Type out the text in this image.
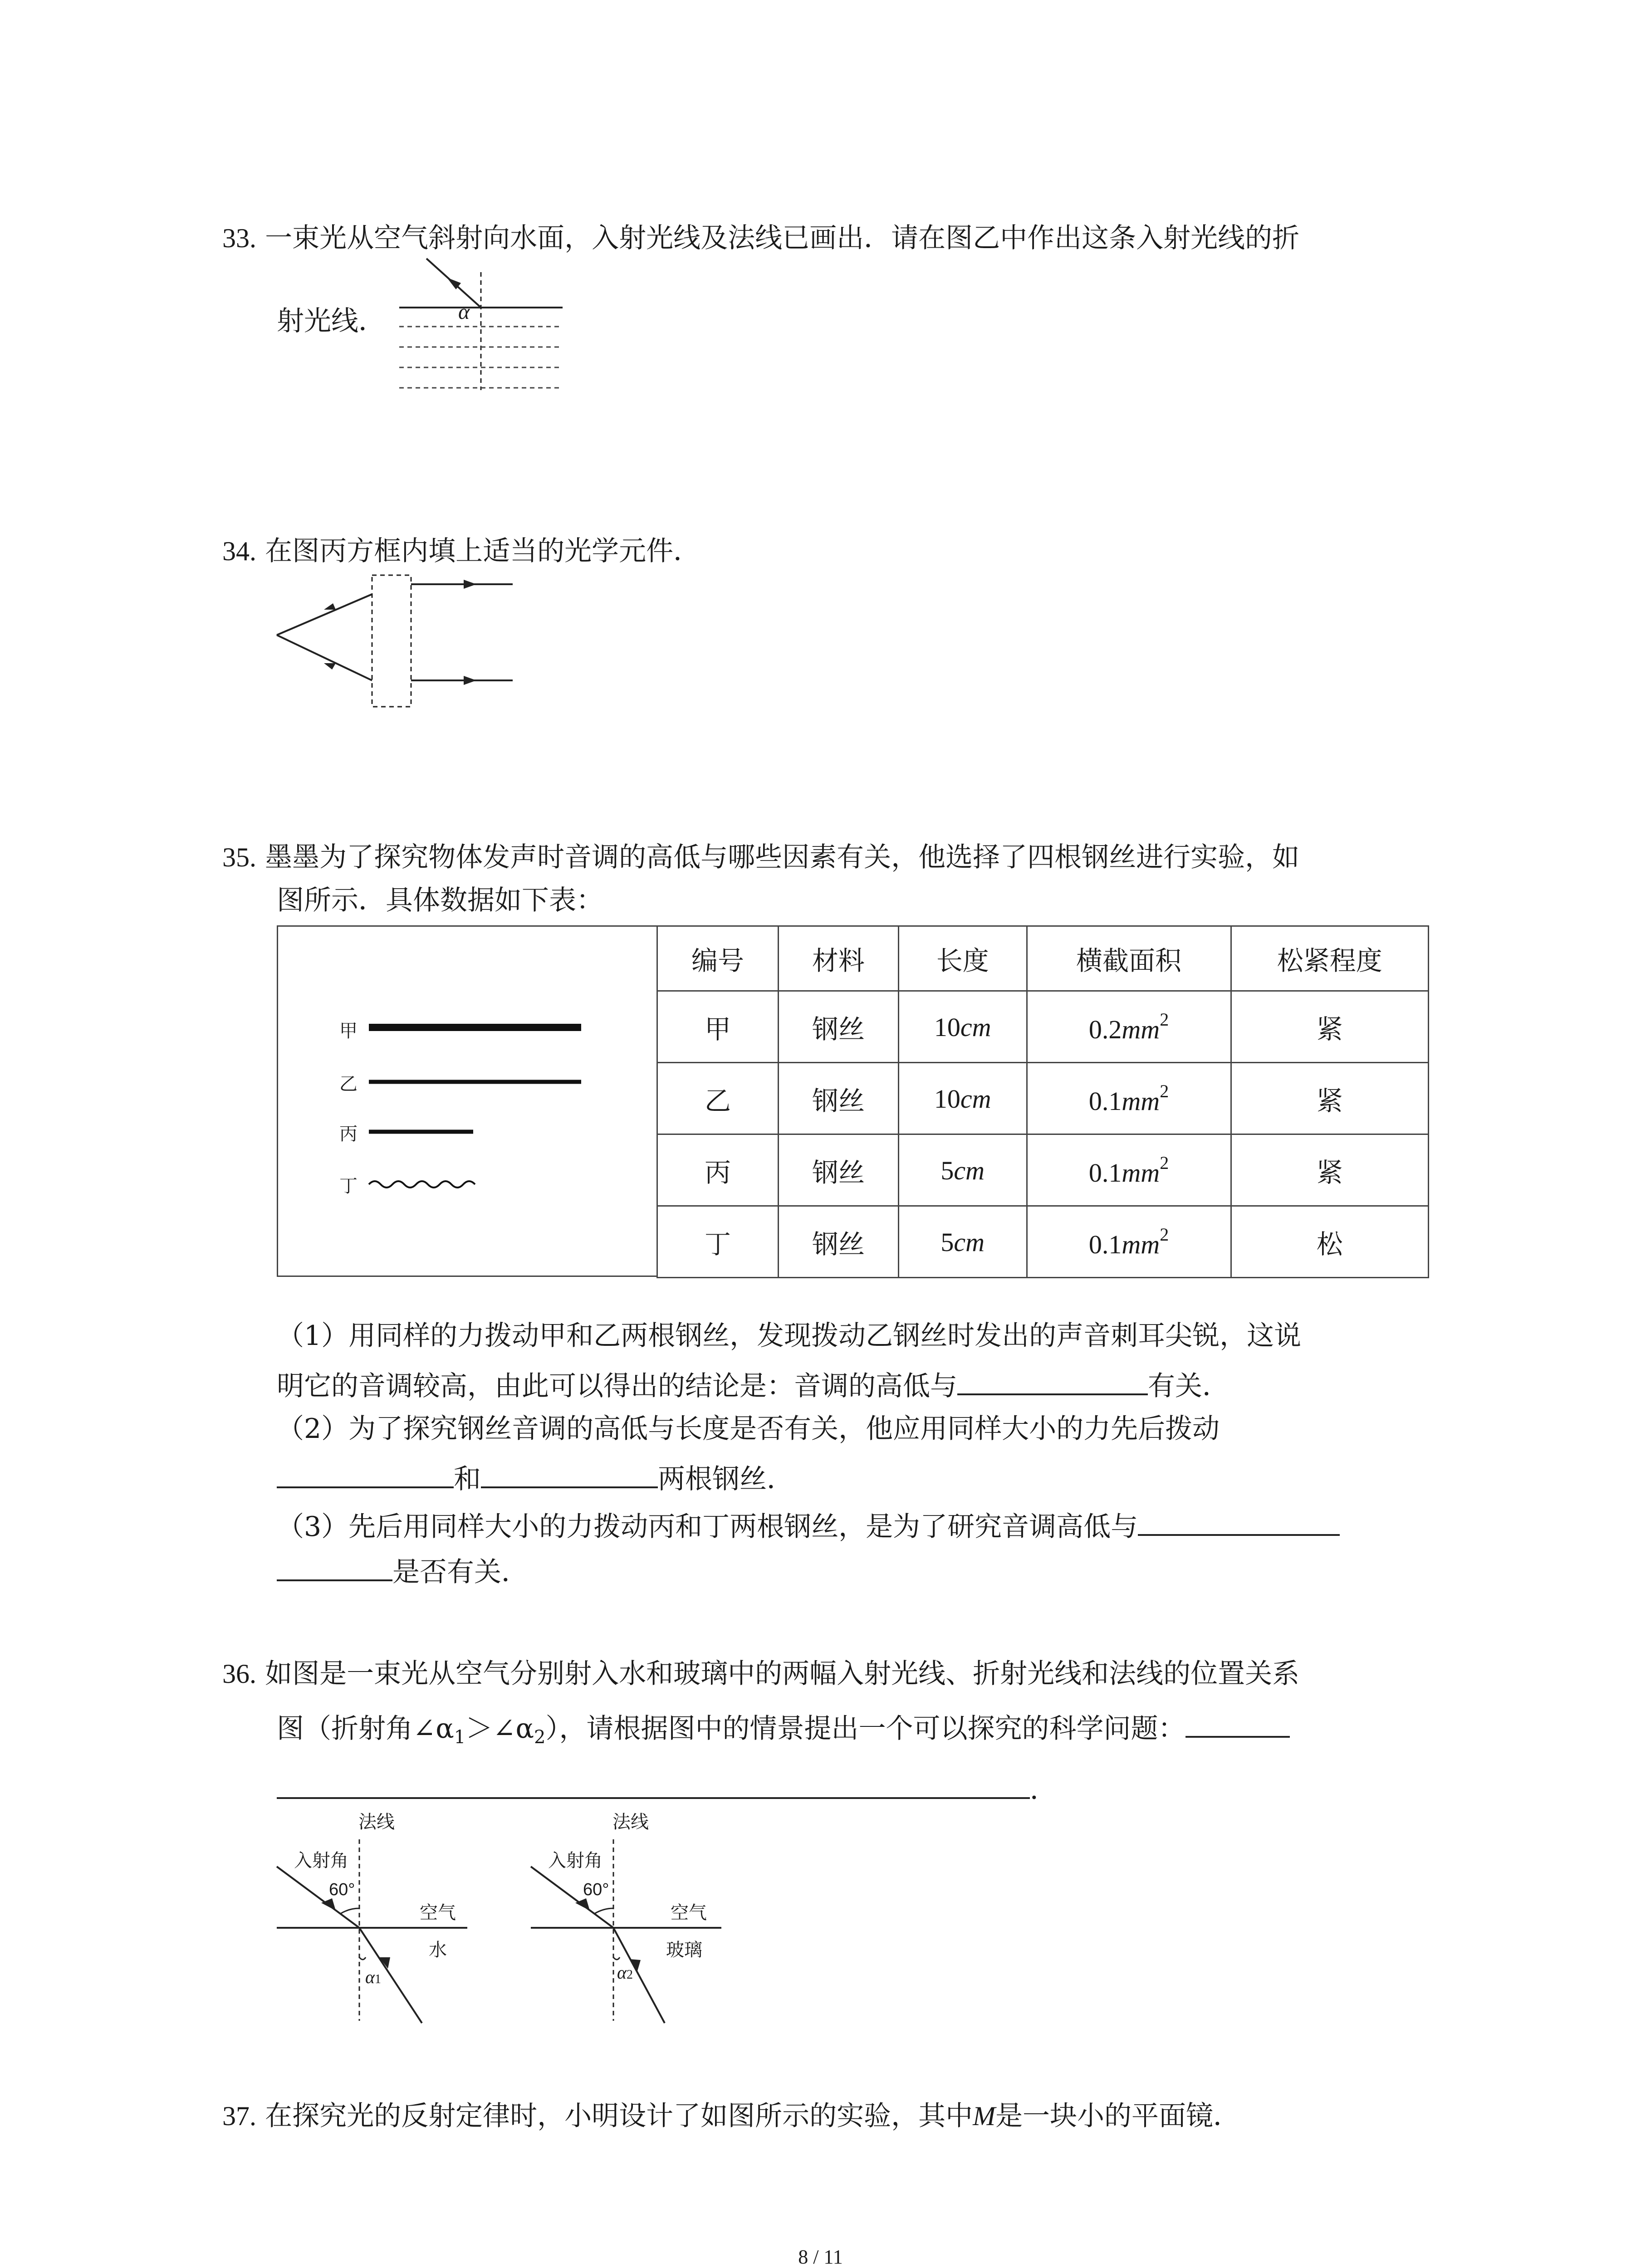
33. 一束光从空气斜射向水面，入射光线及法线已画出．请在图乙中作出这条入射光线的折
射光线．	α
34. 在图丙方框内填上适当的光学元件．
35. 墨墨为了探究物体发声时音调的高低与哪些因素有关，他选择了四根钢丝进行实验，如
图所示．具体数据如下表：
甲
乙
丙
丁
编号	材料	长度	横截面积	松紧程度
甲	钢丝	10cm	$0.2mm^2$	紧
乙	钢丝	10cm	$0.1mm^2$	紧
丙	钢丝	5cm	$0.1mm^2$	紧
丁	钢丝	5cm	$0.1mm^2$	松
（1）用同样的力拨动甲和乙两根钢丝，发现拨动乙钢丝时发出的声音刺耳尖锐，这说
明它的音调较高，由此可以得出的结论是：音调的高低与	有关．
（2）为了探究钢丝音调的高低与长度是否有关，他应用同样大小的力先后拨动
和	两根钢丝．
（3）先后用同样大小的力拨动丙和丁两根钢丝，是为了研究音调高低与
是否有关．
36. 如图是一束光从空气分别射入水和玻璃中的两幅入射光线、折射光线和法线的位置关系
图（折射角$\angle\alpha_1>\angle\alpha_2$），请根据图中的情景提出一个可以探究的科学问题：
．
法线
入射角
60°
空气
水
α1
法线
入射角
60°
空气
玻璃
α2
37. 在探究光的反射定律时，小明设计了如图所示的实验，其中M是一块小的平面镜．
8 / 11
